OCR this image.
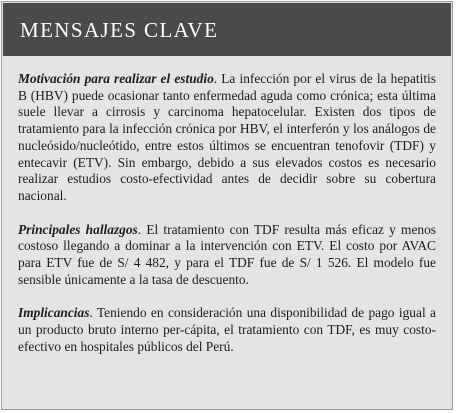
MENSAJES CLAVE

Motivación para realizar el estudio. La infección por el virus de la hepatitis B (HBV) puede ocasionar tanto enfermedad aguda como crónica; esta última suele llevar a cirrosis y carcinoma hepatocelular. Existen dos tipos de tratamiento para la infección crónica por HBV, el interferón y los análogos de nucleósido/nucleótido, entre estos últimos se encuentran tenofovir (TDF) y entecavir (ETV). Sin embargo, debido a sus elevados costos es necesario realizar estudios costo-efectividad antes de decidir sobre su cobertura nacional.

Principales hallazgos. El tratamiento con TDF resulta más eficaz y menos costoso llegando a dominar a la intervención con ETV. El costo por AVAC para ETV fue de S/ 4 482, y para el TDF fue de S/ 1 526. El modelo fue sensible únicamente a la tasa de descuento.

Implicancias. Teniendo en consideración una disponibilidad de pago igual a un producto bruto interno per-cápita, el tratamiento con TDF, es muy costo-efectivo en hospitales públicos del Perú.
